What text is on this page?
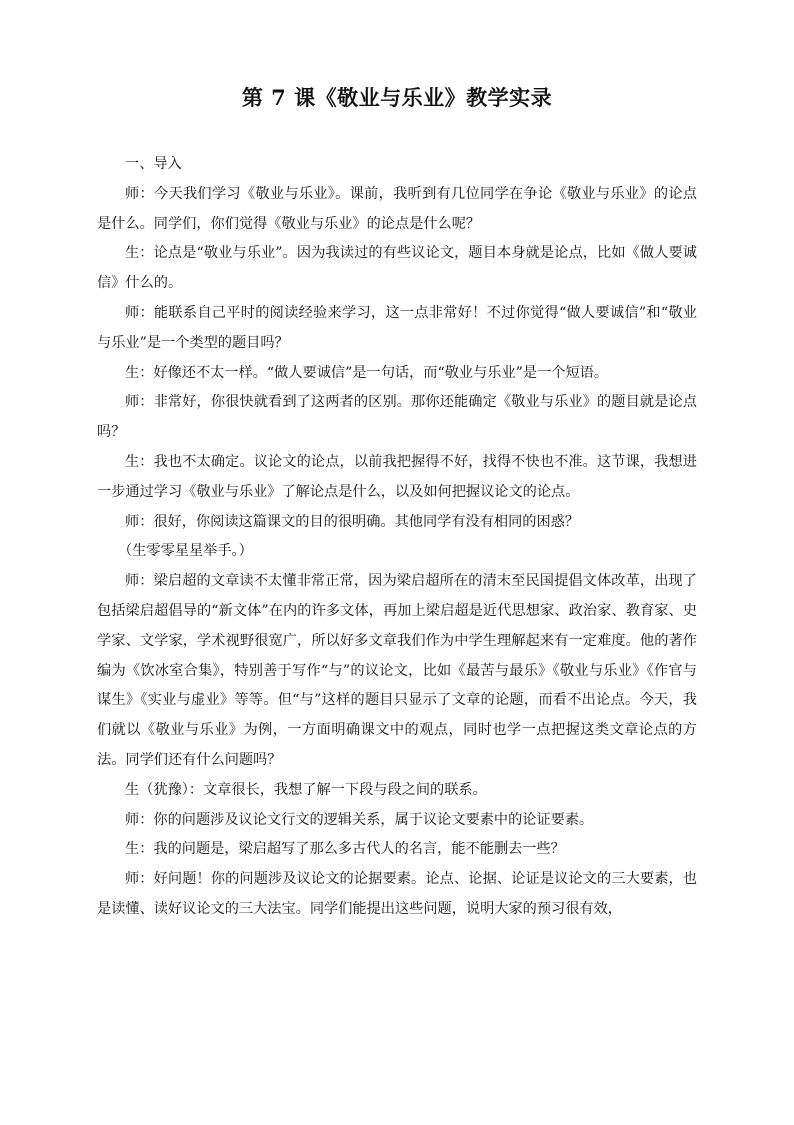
第 7 课《敬业与乐业》教学实录

一、导入

师：今天我们学习《敬业与乐业》。课前，我听到有几位同学在争论《敬业与乐业》的论点是什么。同学们，你们觉得《敬业与乐业》的论点是什么呢？

生：论点是“敬业与乐业”。因为我读过的有些议论文，题目本身就是论点，比如《做人要诚信》什么的。

师：能联系自己平时的阅读经验来学习，这一点非常好！不过你觉得“做人要诚信”和“敬业与乐业”是一个类型的题目吗？

生：好像还不太一样。“做人要诚信”是一句话，而“敬业与乐业”是一个短语。

师：非常好，你很快就看到了这两者的区别。那你还能确定《敬业与乐业》的题目就是论点吗？

生：我也不太确定。议论文的论点，以前我把握得不好，找得不快也不准。这节课，我想进一步通过学习《敬业与乐业》了解论点是什么，以及如何把握议论文的论点。

师：很好，你阅读这篇课文的目的很明确。其他同学有没有相同的困惑？

（生零零星星举手。）

师：梁启超的文章读不太懂非常正常，因为梁启超所在的清末至民国提倡文体改革，出现了包括梁启超倡导的“新文体”在内的许多文体，再加上梁启超是近代思想家、政治家、教育家、史学家、文学家，学术视野很宽广，所以好多文章我们作为中学生理解起来有一定难度。他的著作编为《饮冰室合集》，特别善于写作“与”的议论文，比如《最苦与最乐》《敬业与乐业》《作官与谋生》《实业与虚业》等等。但“与”这样的题目只显示了文章的论题，而看不出论点。今天，我们就以《敬业与乐业》为例，一方面明确课文中的观点，同时也学一点把握这类文章论点的方法。同学们还有什么问题吗？

生（犹豫）：文章很长，我想了解一下段与段之间的联系。

师：你的问题涉及议论文行文的逻辑关系，属于议论文要素中的论证要素。

生：我的问题是，梁启超写了那么多古代人的名言，能不能删去一些？

师：好问题！你的问题涉及议论文的论据要素。论点、论据、论证是议论文的三大要素，也是读懂、读好议论文的三大法宝。同学们能提出这些问题，说明大家的预习很有效，
